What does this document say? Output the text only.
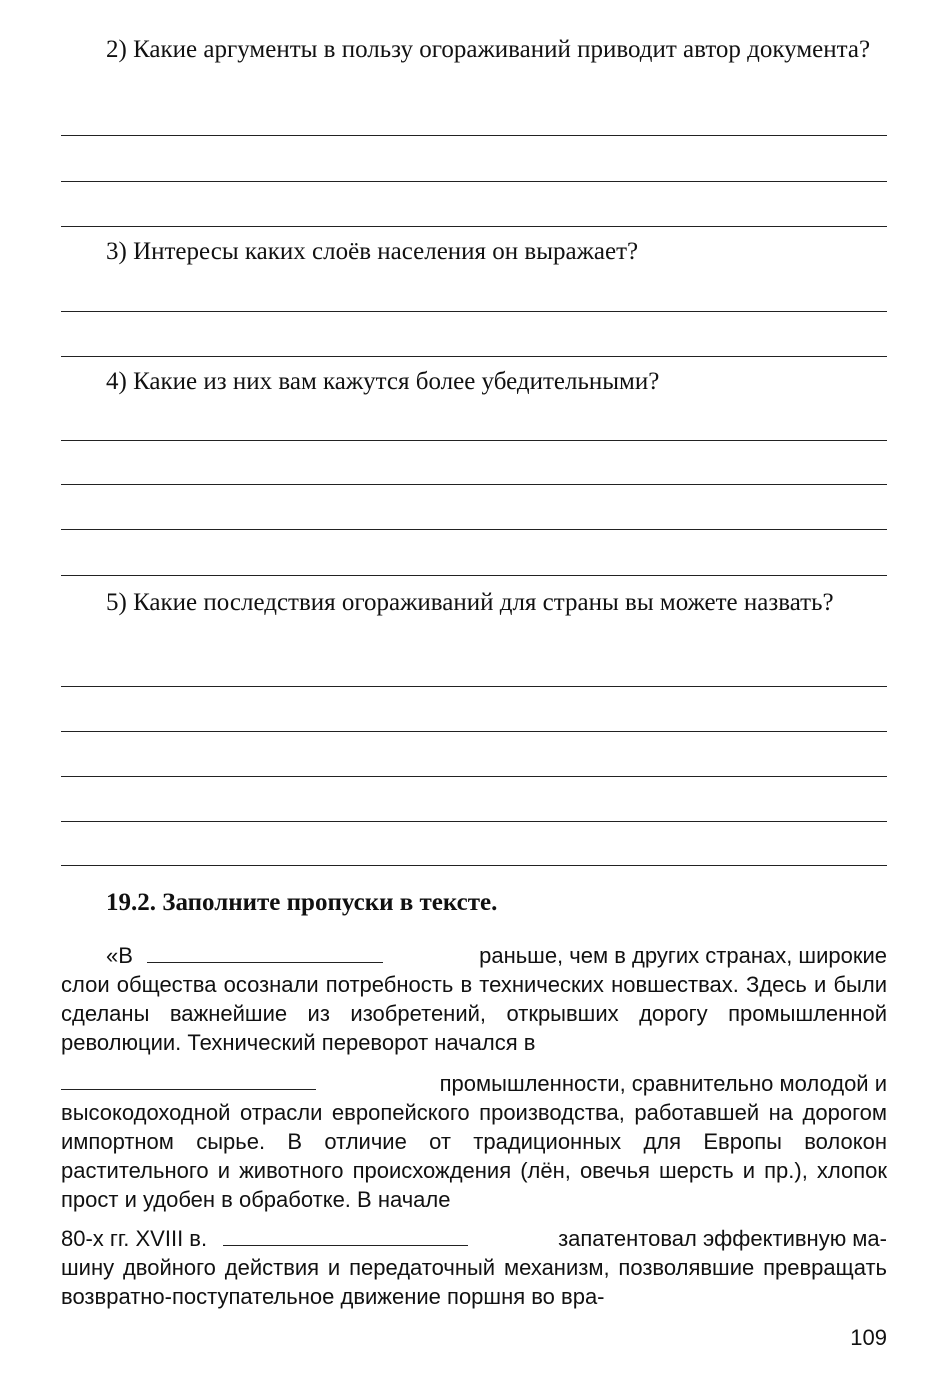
2) Какие аргументы в пользу огораживаний приводит автор документа?
3) Интересы каких слоёв населения он выражает?
4) Какие из них вам кажутся более убедительными?
5) Какие последствия огораживаний для страны вы можете назвать?
19.2. Заполните пропуски в тексте.
«В	раньше, чем в других странах, широкие
слои общества осознали потребность в технических новшествах. Здесь и были сделаны важнейшие из изобретений, открывших дорогу промышленной революции. Технический переворот начался в
промышленности, сравнительно молодой и
высокодоходной отрасли европейского производства, работавшей на дорогом импортном сырье. В отличие от традиционных для Европы волокон растительного и животного происхождения (лён, овечья шерсть и пр.), хлопок прост и удобен в обработке. В начале
80-х гг. XVIII в.	запатентовал эффективную ма-
шину двойного действия и передаточный механизм, позволявшие превращать возвратно-поступательное движение поршня во вра-
109
